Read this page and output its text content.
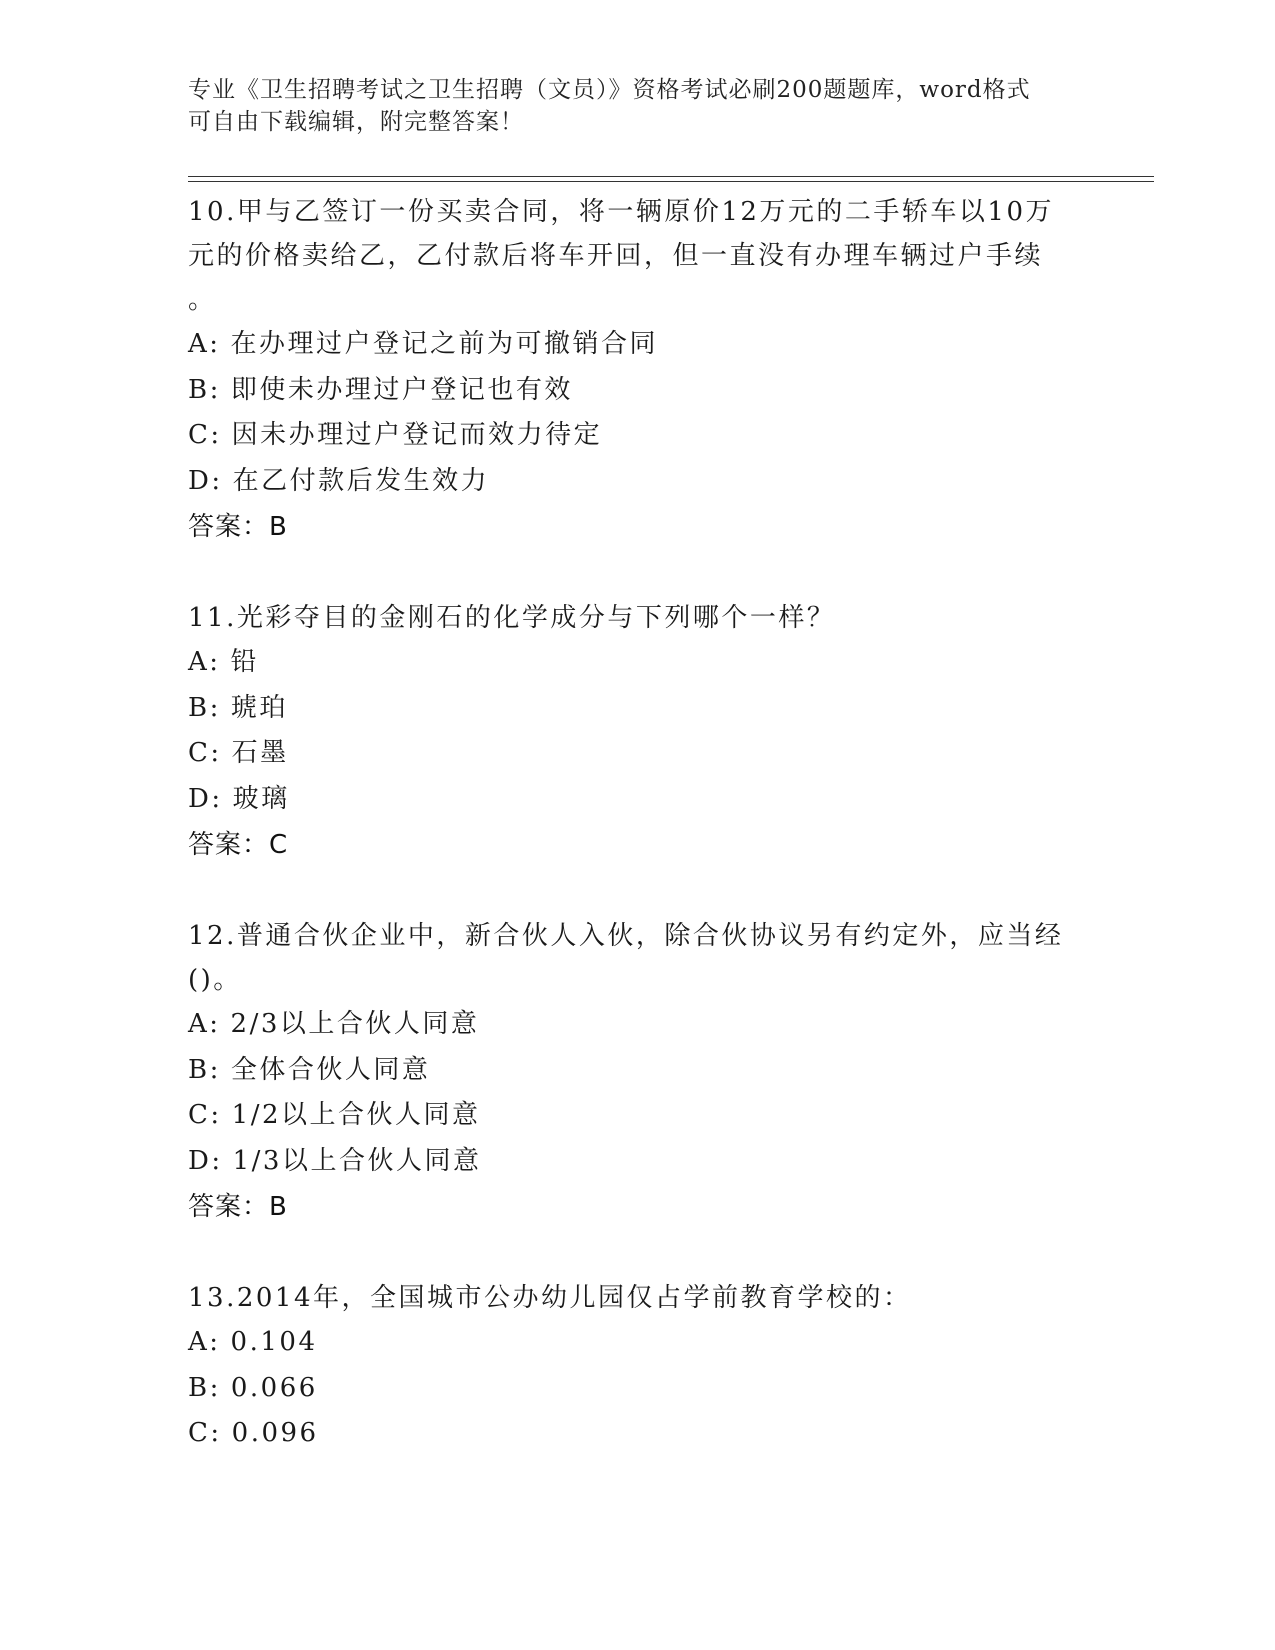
专业《卫生招聘考试之卫生招聘（文员）》资格考试必刷200题题库，word格式
可自由下载编辑，附完整答案！

10.甲与乙签订一份买卖合同，将一辆原价12万元的二手轿车以10万

元的价格卖给乙，乙付款后将车开回，但一直没有办理车辆过户手续

。

A: 在办理过户登记之前为可撤销合同

B: 即使未办理过户登记也有效

C: 因未办理过户登记而效力待定

D: 在乙付款后发生效力

答案：B

11.光彩夺目的金刚石的化学成分与下列哪个一样？

A: 铅

B: 琥珀

C: 石墨

D: 玻璃

答案：C

12.普通合伙企业中，新合伙人入伙，除合伙协议另有约定外，应当经

()。

A: 2/3以上合伙人同意

B: 全体合伙人同意

C: 1/2以上合伙人同意

D: 1/3以上合伙人同意

答案：B

13.2014年，全国城市公办幼儿园仅占学前教育学校的：

A: 0.104

B: 0.066

C: 0.096
